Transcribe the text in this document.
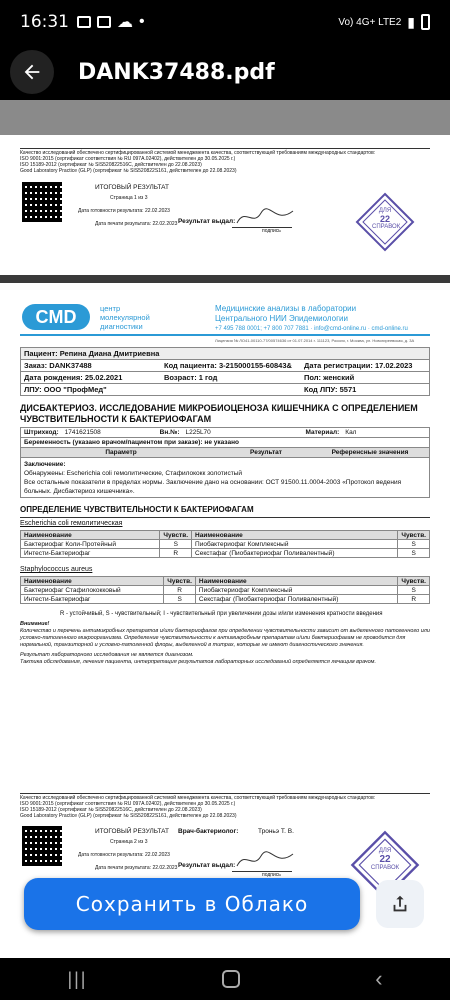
16:31	☁ •	Vo) 4G+ LTE2 ▮
DANK37488.pdf
Качество исследований обеспечено сертифицированной системой менеджмента качества, соответствующей требованиям международных стандартов:
ISO 9001:2015 (сертификат соответствия № RU 097A.02402), действителен до 30.05.2025 г.)
ISO 15189-2012 (сертификат № SIS520822516С, действителен до 22.08.2023)
Good Laboratory Practice (GLP) (сертификат № SIS520822S161, действителен до 22.08.2023)
ИТОГОВЫЙ РЕЗУЛЬТАТ
Страница 1 из 3
Дата готовности результата: 22.02.2023
Дата печати результата: 22.02.2023 Результат выдал:
подпись
ДЛЯ
22
СПРАВОК
CMD	центр молекулярной диагностики
Медицинские анализы в лаборатории
Центрального НИИ Эпидемиологии
+7 495 788 0001; +7 800 707 7881 · info@cmd-online.ru · cmd-online.ru
Лицензия № ЛО41-00110-77/00574636 от 01.07.2014 г. 111123, Россия, г. Москва, ул. Новогиреевская, д. 3А
Пациент: Репина Диана Дмитриевна
Заказ: DANK37488	Код пациента: 3-215000155-60843&	Дата регистрации: 17.02.2023
Дата рождения: 25.02.2021	Возраст: 1 год	Пол: женский
ЛПУ: ООО "ПрофМед"	Код ЛПУ: 5571
ДИСБАКТЕРИОЗ. ИССЛЕДОВАНИЕ МИКРОБИОЦЕНОЗА КИШЕЧНИКА С ОПРЕДЕЛЕНИЕМ ЧУВСТВИТЕЛЬНОСТИ К БАКТЕРИОФАГАМ
Штрихкод: 1741621508	Вн.№: L225L70	Материал: Кал
Беременность (указано врачом/пациентом при заказе): не указано
Параметр	Результат	Референсные значения
Заключение:
Обнаружены: Escherichia coli гемолитические, Стафилококк золотистый
Все остальные показатели в пределах нормы. Заключение дано на основании: ОСТ 91500.11.0004-2003 «Протокол ведения
больных. Дисбактериоз кишечника».
ОПРЕДЕЛЕНИЕ ЧУВСТВИТЕЛЬНОСТИ К БАКТЕРИОФАГАМ
Escherichia coli гемолитическая
Наименование	Чувств.	Наименование	Чувств.
Бактериофаг Коли-Протейный	S	Пиобактериофаг Комплексный	S
Интести-Бактериофаг	R	Секстафаг (Пиобактериофаг Поливалентный)	S
Staphylococcus aureus
Наименование	Чувств.	Наименование	Чувств.
Бактериофаг Стафилококковый	R	Пиобактериофаг Комплексный	S
Интести-Бактериофаг	S	Секстафаг (Пиобактериофаг Поливалентный)	R
R - устойчивый, S - чувствительный; I - чувствительный при увеличении дозы и/или изменения кратности введения
Внимание!
Количество и перечень антимикробных препаратов и/или бактериофагов при определении чувствительности зависит от выделенного патогенного или
условно-патогенного микроорганизма. Определение чувствительности к антимикробным препаратам и/или бактериофагам не проводится для
нормальной, транзиторной и условно-патогенной флоры, выделенной в титрах, которые не имеют диагностического значения.
Результат лабораторного исследования не является диагнозом.
Тактика обследования, лечения пациента, интерпретация результатов лабораторных исследований определяется лечащим врачом.
Качество исследований обеспечено сертифицированной системой менеджмента качества, соответствующей требованиям международных стандартов:
ISO 9001:2015 (сертификат соответствия № RU 097A.02402), действителен до 30.05.2025 г.)
ISO 15189-2012 (сертификат № SIS520822516С, действителен до 22.08.2023)
Good Laboratory Practice (GLP) (сертификат № SIS520822S161, действителен до 22.08.2023)
ИТОГОВЫЙ РЕЗУЛЬТАТ
Страница 2 из 3
Врач-бактериолог:	Троньэ Т. В.
Дата готовности результата: 22.02.2023
Дата печати результата: 22.02.2023 Результат выдал:
подпись
ДЛЯ
22
СПРАВОК
Сохранить в Облако
|||	‹
